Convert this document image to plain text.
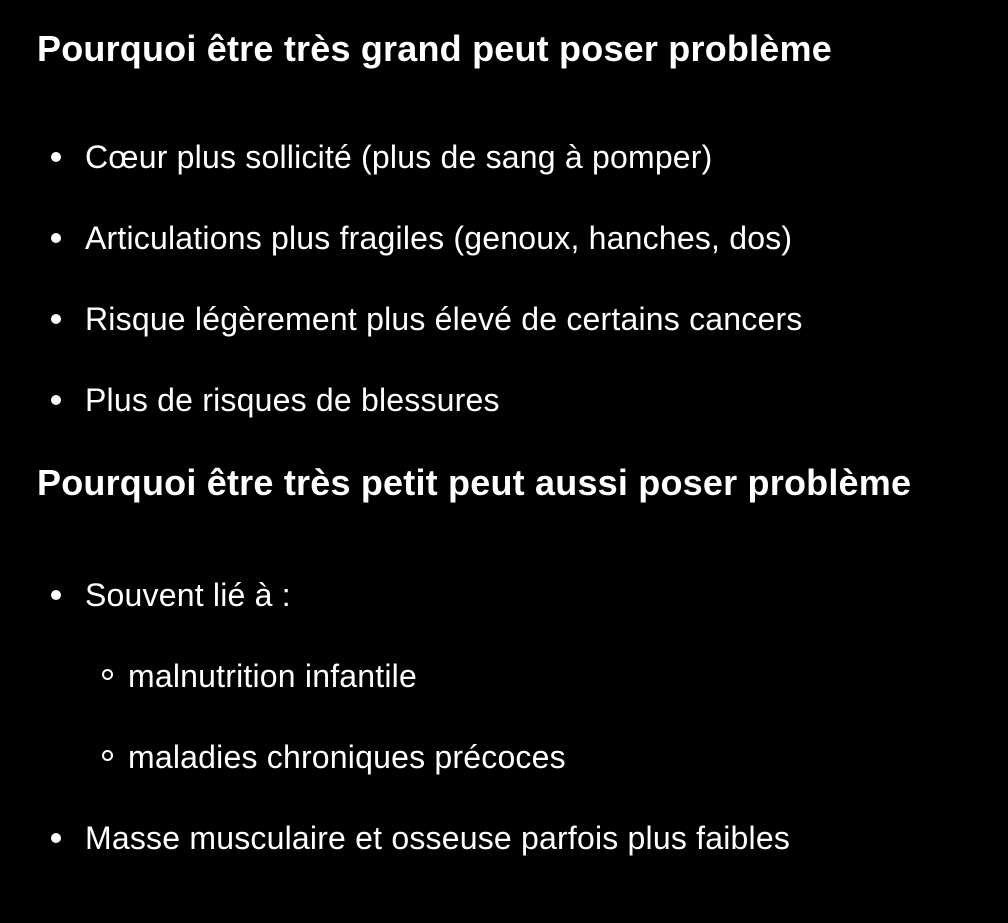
Pourquoi être très grand peut poser problème
Cœur plus sollicité (plus de sang à pomper)
Articulations plus fragiles (genoux, hanches, dos)
Risque légèrement plus élevé de certains cancers
Plus de risques de blessures
Pourquoi être très petit peut aussi poser problème
Souvent lié à :
malnutrition infantile
maladies chroniques précoces
Masse musculaire et osseuse parfois plus faibles
